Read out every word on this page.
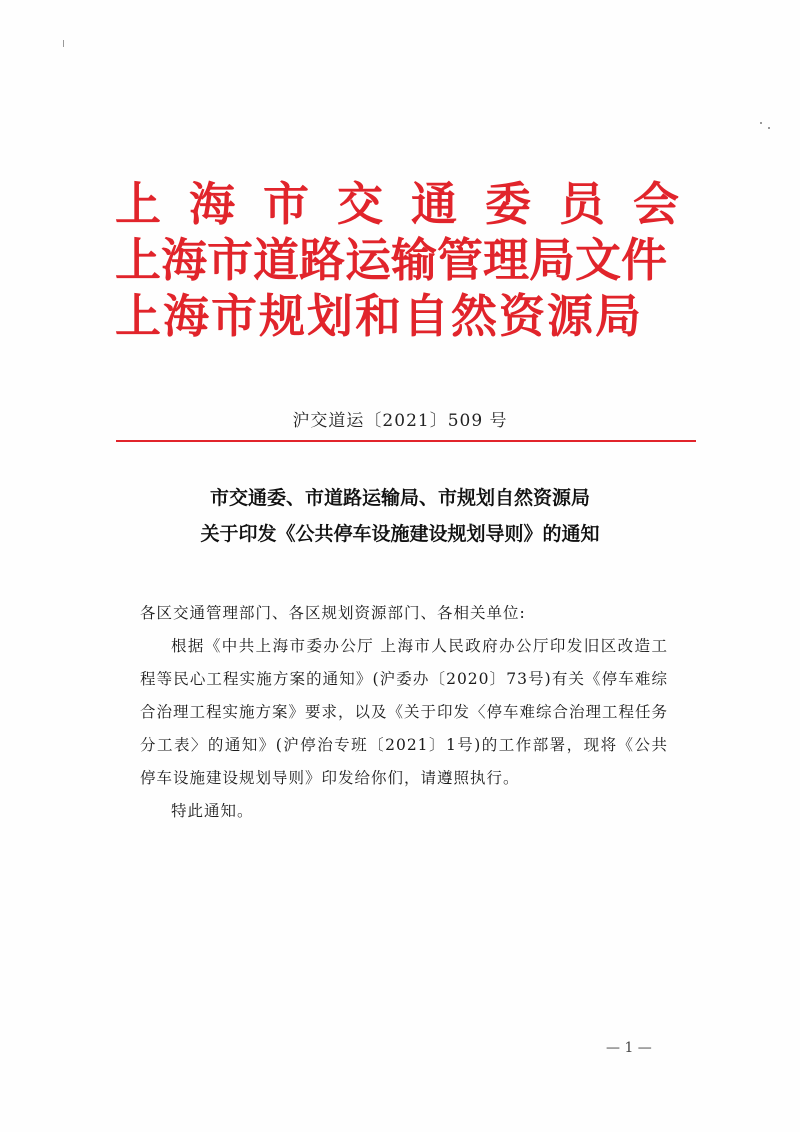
上海市交通委员会
上海市道路运输管理局文件
上海市规划和自然资源局
沪交道运〔2021〕509 号
市交通委、市道路运输局、市规划自然资源局
关于印发《公共停车设施建设规划导则》的通知

各区交通管理部门、各区规划资源部门、各相关单位:

根据《中共上海市委办公厅 上海市人民政府办公厅印发旧区改造工程等民心工程实施方案的通知》(沪委办〔2020〕73号)有关《停车难综合治理工程实施方案》要求，以及《关于印发〈停车难综合治理工程任务分工表〉的通知》(沪停治专班〔2021〕1号)的工作部署，现将《公共停车设施建设规划导则》印发给你们，请遵照执行。

特此通知。

— 1 —
